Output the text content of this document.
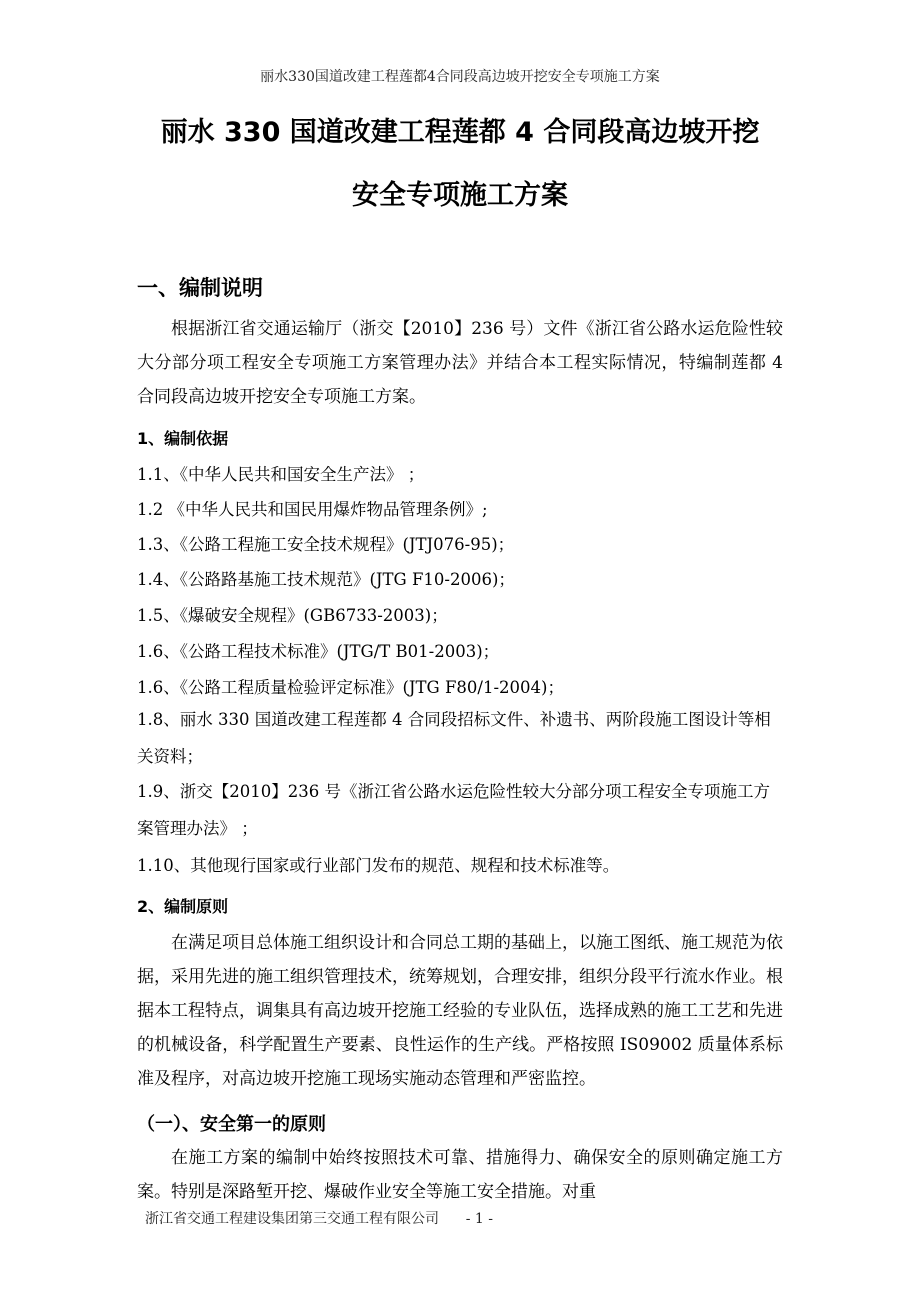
丽水330国道改建工程莲都4合同段高边坡开挖安全专项施工方案
丽水 330 国道改建工程莲都 4 合同段高边坡开挖
安全专项施工方案
一、编制说明

根据浙江省交通运输厅（浙交【2010】236 号）文件《浙江省公路水运危险性较大分部分项工程安全专项施工方案管理办法》并结合本工程实际情况，特编制莲都 4 合同段高边坡开挖安全专项施工方案。

1、编制依据
1.1、《中华人民共和国安全生产法》 ；
1.2 《中华人民共和国民用爆炸物品管理条例》;
1.3、《公路工程施工安全技术规程》(JTJ076-95)；
1.4、《公路路基施工技术规范》(JTG F10-2006)；
1.5、《爆破安全规程》(GB6733-2003)；
1.6、《公路工程技术标准》(JTG/T B01-2003)；
1.6、《公路工程质量检验评定标准》(JTG F80/1-2004)；

1.8、丽水 330 国道改建工程莲都 4 合同段招标文件、补遗书、两阶段施工图设计等相关资料；

1.9、浙交【2010】236 号《浙江省公路水运危险性较大分部分项工程安全专项施工方案管理办法》 ；

1.10、其他现行国家或行业部门发布的规范、规程和技术标准等。
2、编制原则

在满足项目总体施工组织设计和合同总工期的基础上，以施工图纸、施工规范为依据，采用先进的施工组织管理技术，统筹规划，合理安排，组织分段平行流水作业。根据本工程特点，调集具有高边坡开挖施工经验的专业队伍，选择成熟的施工工艺和先进的机械设备，科学配置生产要素、良性运作的生产线。严格按照 IS09002 质量体系标准及程序，对高边坡开挖施工现场实施动态管理和严密监控。

（一）、安全第一的原则

在施工方案的编制中始终按照技术可靠、措施得力、确保安全的原则确定施工方案。特别是深路堑开挖、爆破作业安全等施工安全措施。对重

浙江省交通工程建设集团第三交通工程有限公司 - 1 -
